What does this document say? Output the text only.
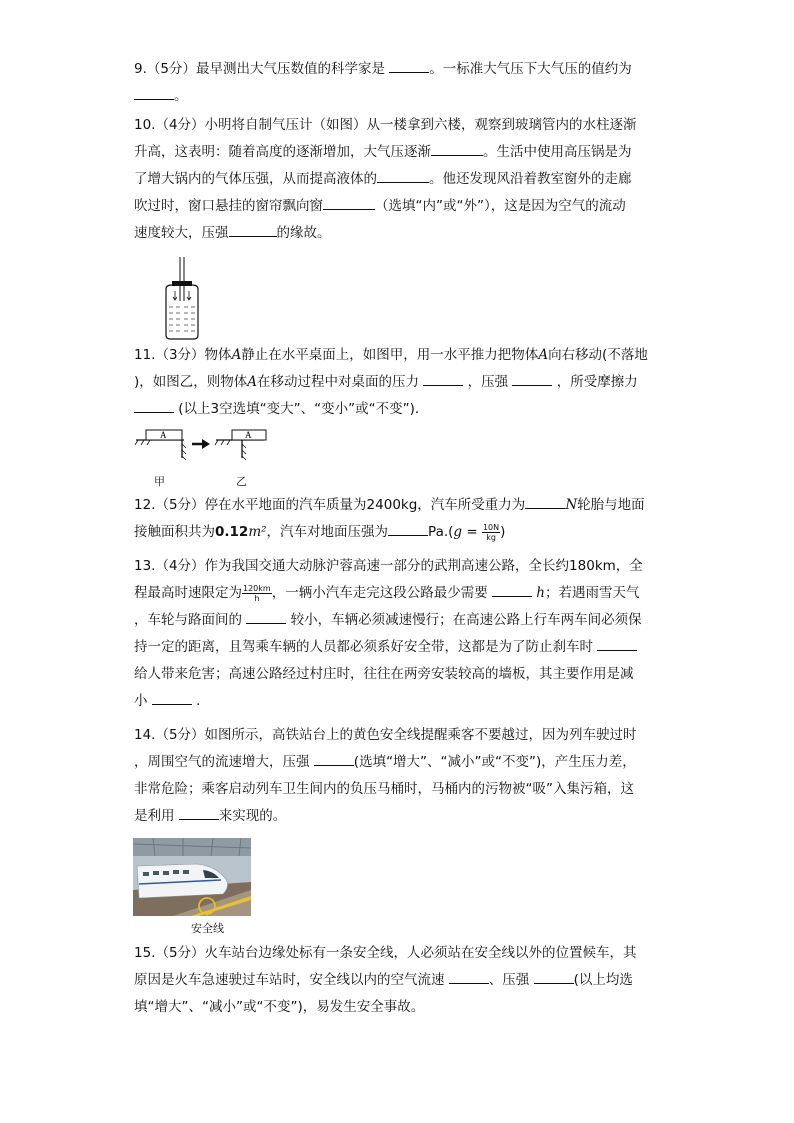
9.（5分）最早测出大气压数值的科学家是	。一标准大气压下大气压的值约为
。
10.（4分）小明将自制气压计（如图）从一楼拿到六楼，观察到玻璃管内的水柱逐渐
升高，这表明：随着高度的逐渐增加，大气压逐渐	。生活中使用高压锅是为
了增大锅内的气体压强，从而提高液体的	。他还发现风沿着教室窗外的走廊
吹过时，窗口悬挂的窗帘飘向窗	（选填“内”或“外”），这是因为空气的流动
速度较大，压强	的缘故。
11.（3分）物体A静止在水平桌面上，如图甲，用一水平推力把物体A向右移动(不落地
)，如图乙，则物体A在移动过程中对桌面的压力	，压强	，所受摩擦力
(以上3空选填“变大”、“变小”或“不变”)．
A	A
甲	乙
12.（5分）停在水平地面的汽车质量为2400kg，汽车所受重力为	N轮胎与地面
接触面积共为0.12m²，汽车对地面压强为	$Pa.(g = \frac{10N}{kg}$ )
13.（4分）作为我国交通大动脉沪蓉高速一部分的武荆高速公路，全长约180km，全
程最高时速限定为 $\frac{120km}{h}$ ，一辆小汽车走完这段公路最少需要	h；若遇雨雪天气
，车轮与路面间的	较小，车辆必须减速慢行；在高速公路上行车两车间必须保
持一定的距离，且驾乘车辆的人员都必须系好安全带，这都是为了防止刹车时
给人带来危害；高速公路经过村庄时，往往在两旁安装较高的墙板，其主要作用是减
小	.
14.（5分）如图所示，高铁站台上的黄色安全线提醒乘客不要越过，因为列车驶过时
，周围空气的流速增大，压强	(选填“增大”、“减小”或“不变”)，产生压力差，
非常危险；乘客启动列车卫生间内的负压马桶时，马桶内的污物被“吸”入集污箱，这
是利用	来实现的。
安全线
15.（5分）火车站台边缘处标有一条安全线，人必须站在安全线以外的位置候车，其
原因是火车急速驶过车站时，安全线以内的空气流速	、压强	(以上均选
填“增大”、“减小”或“不变”)，易发生安全事故。
